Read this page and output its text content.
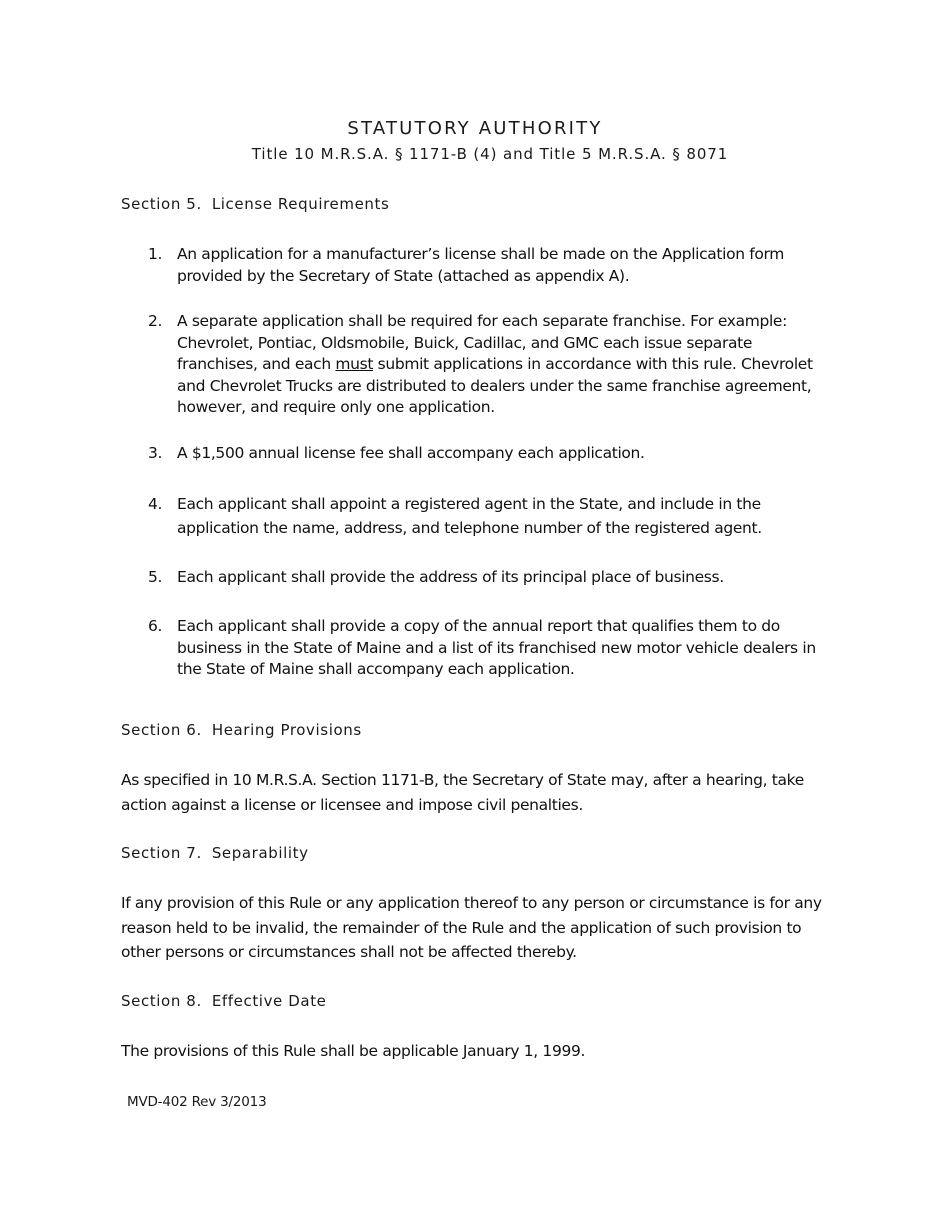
STATUTORY AUTHORITY
Title 10 M.R.S.A. § 1171-B (4) and Title 5 M.R.S.A. § 8071
Section 5. License Requirements
1. An application for a manufacturer’s license shall be made on the Application form provided by the Secretary of State (attached as appendix A).
2. A separate application shall be required for each separate franchise. For example: Chevrolet, Pontiac, Oldsmobile, Buick, Cadillac, and GMC each issue separate franchises, and each must submit applications in accordance with this rule. Chevrolet and Chevrolet Trucks are distributed to dealers under the same franchise agreement, however, and require only one application.
3. A $1,500 annual license fee shall accompany each application.
4. Each applicant shall appoint a registered agent in the State, and include in the application the name, address, and telephone number of the registered agent.
5. Each applicant shall provide the address of its principal place of business.
6. Each applicant shall provide a copy of the annual report that qualifies them to do business in the State of Maine and a list of its franchised new motor vehicle dealers in the State of Maine shall accompany each application.
Section 6. Hearing Provisions

As specified in 10 M.R.S.A. Section 1171-B, the Secretary of State may, after a hearing, take action against a license or licensee and impose civil penalties.

Section 7. Separability

If any provision of this Rule or any application thereof to any person or circumstance is for any reason held to be invalid, the remainder of the Rule and the application of such provision to other persons or circumstances shall not be affected thereby.

Section 8. Effective Date

The provisions of this Rule shall be applicable January 1, 1999.

MVD-402 Rev 3/2013
